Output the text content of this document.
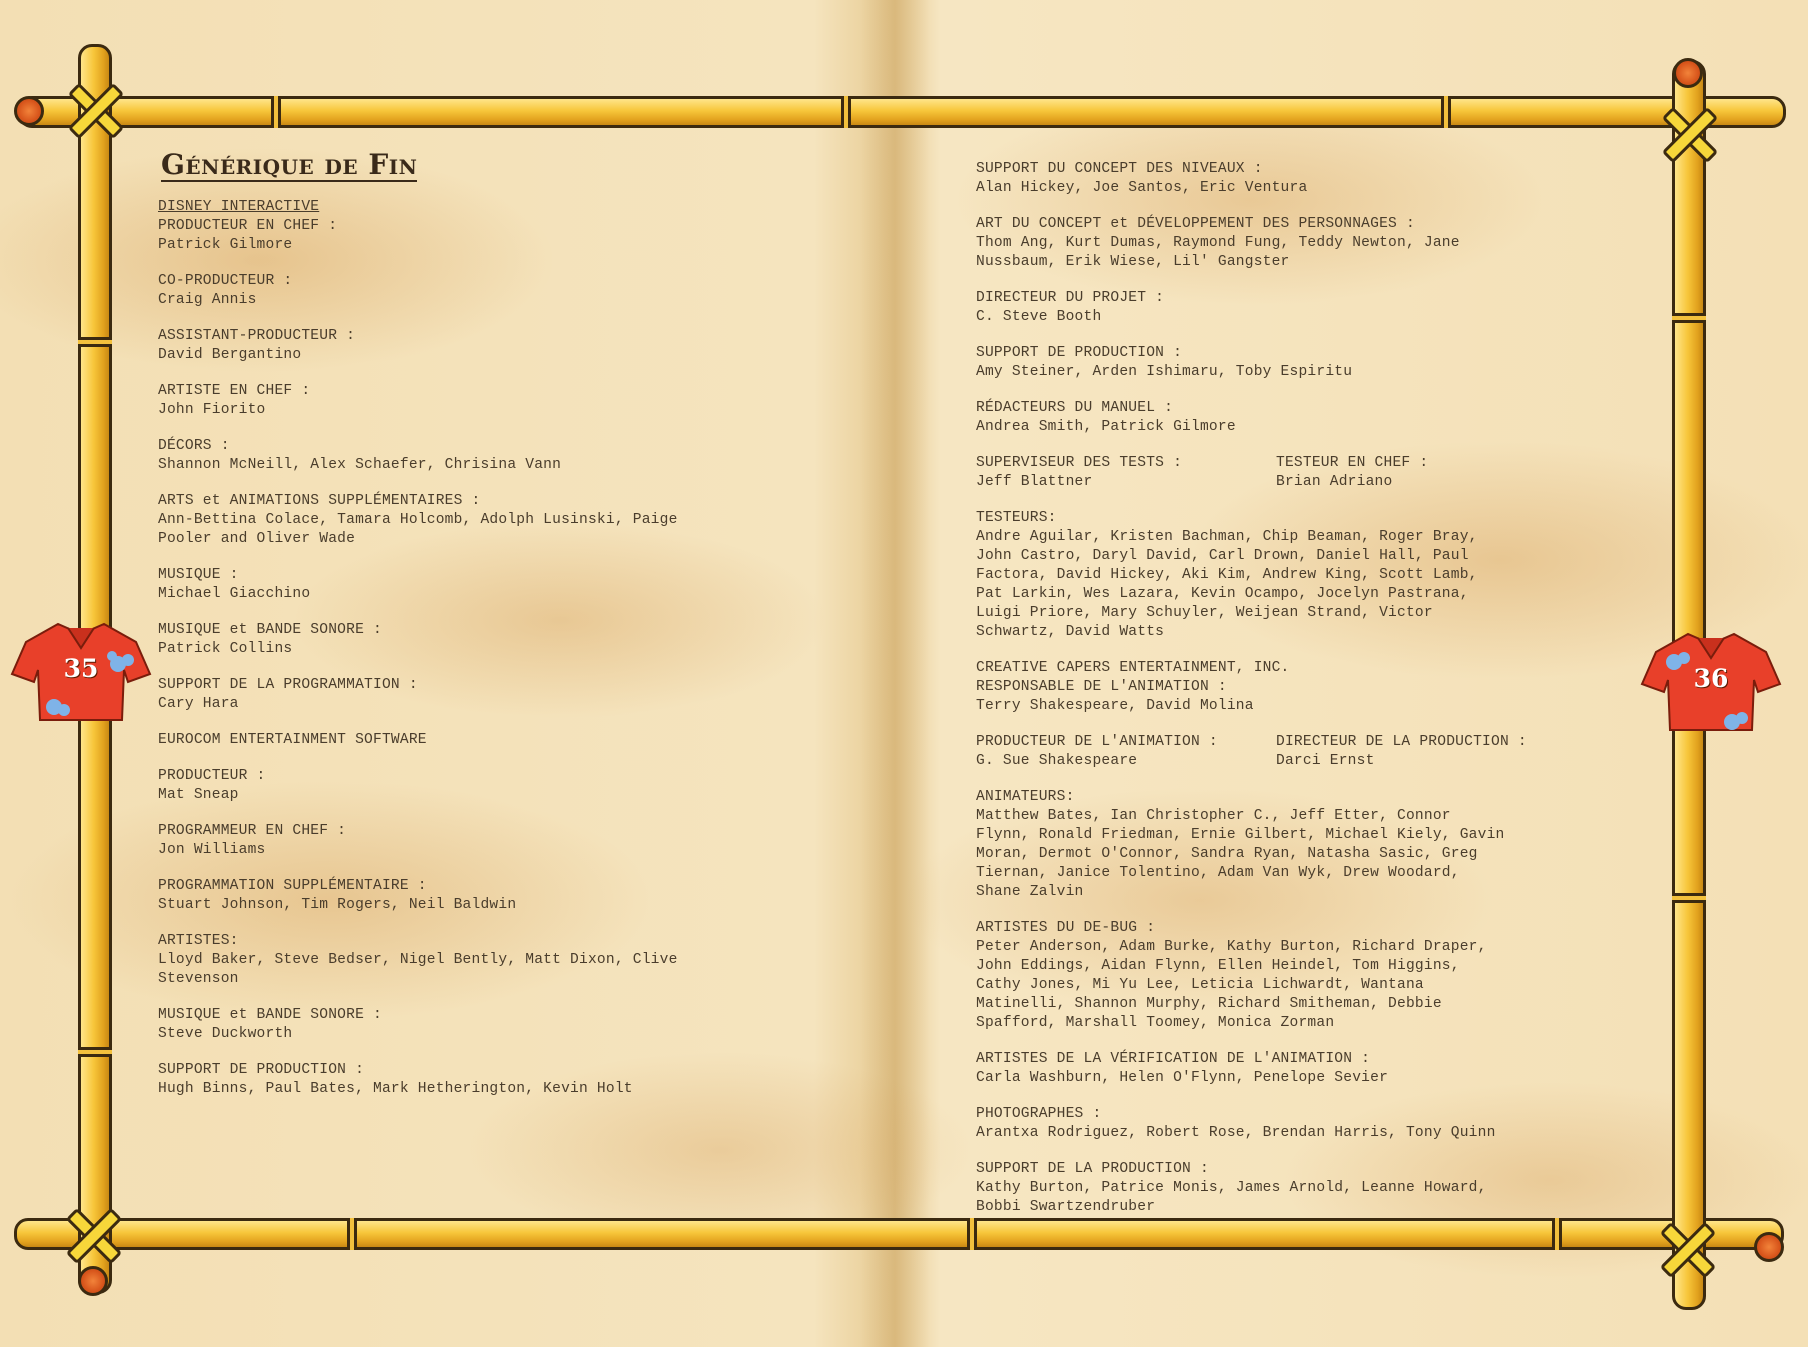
35	36
Générique de Fin
DISNEY INTERACTIVE
PRODUCTEUR EN CHEF :
Patrick Gilmore
CO-PRODUCTEUR :
Craig Annis
ASSISTANT-PRODUCTEUR :
David Bergantino
ARTISTE EN CHEF :
John Fiorito
DÉCORS :
Shannon McNeill, Alex Schaefer, Chrisina Vann
ARTS et ANIMATIONS SUPPLÉMENTAIRES :
Ann-Bettina Colace, Tamara Holcomb, Adolph Lusinski, Paige
Pooler and Oliver Wade
MUSIQUE :
Michael Giacchino
MUSIQUE et BANDE SONORE :
Patrick Collins
SUPPORT DE LA PROGRAMMATION :
Cary Hara
EUROCOM ENTERTAINMENT SOFTWARE
PRODUCTEUR :
Mat Sneap
PROGRAMMEUR EN CHEF :
Jon Williams
PROGRAMMATION SUPPLÉMENTAIRE :
Stuart Johnson, Tim Rogers, Neil Baldwin
ARTISTES:
Lloyd Baker, Steve Bedser, Nigel Bently, Matt Dixon, Clive
Stevenson
MUSIQUE et BANDE SONORE :
Steve Duckworth
SUPPORT DE PRODUCTION :
Hugh Binns, Paul Bates, Mark Hetherington, Kevin Holt
SUPPORT DU CONCEPT DES NIVEAUX :
Alan Hickey, Joe Santos, Eric Ventura
ART DU CONCEPT et DÉVELOPPEMENT DES PERSONNAGES :
Thom Ang, Kurt Dumas, Raymond Fung, Teddy Newton, Jane
Nussbaum, Erik Wiese, Lil' Gangster
DIRECTEUR DU PROJET :
C. Steve Booth
SUPPORT DE PRODUCTION :
Amy Steiner, Arden Ishimaru, Toby Espiritu
RÉDACTEURS DU MANUEL :
Andrea Smith, Patrick Gilmore
SUPERVISEUR DES TESTS :
Jeff Blattner
TESTEUR EN CHEF :
Brian Adriano
TESTEURS:
Andre Aguilar, Kristen Bachman, Chip Beaman, Roger Bray,
John Castro, Daryl David, Carl Drown, Daniel Hall, Paul
Factora, David Hickey, Aki Kim, Andrew King, Scott Lamb,
Pat Larkin, Wes Lazara, Kevin Ocampo, Jocelyn Pastrana,
Luigi Priore, Mary Schuyler, Weijean Strand, Victor
Schwartz, David Watts
CREATIVE CAPERS ENTERTAINMENT, INC.
RESPONSABLE DE L'ANIMATION :
Terry Shakespeare, David Molina
PRODUCTEUR DE L'ANIMATION :
G. Sue Shakespeare
DIRECTEUR DE LA PRODUCTION :
Darci Ernst
ANIMATEURS:
Matthew Bates, Ian Christopher C., Jeff Etter, Connor
Flynn, Ronald Friedman, Ernie Gilbert, Michael Kiely, Gavin
Moran, Dermot O'Connor, Sandra Ryan, Natasha Sasic, Greg
Tiernan, Janice Tolentino, Adam Van Wyk, Drew Woodard,
Shane Zalvin
ARTISTES DU DE-BUG :
Peter Anderson, Adam Burke, Kathy Burton, Richard Draper,
John Eddings, Aidan Flynn, Ellen Heindel, Tom Higgins,
Cathy Jones, Mi Yu Lee, Leticia Lichwardt, Wantana
Matinelli, Shannon Murphy, Richard Smitheman, Debbie
Spafford, Marshall Toomey, Monica Zorman
ARTISTES DE LA VÉRIFICATION DE L'ANIMATION :
Carla Washburn, Helen O'Flynn, Penelope Sevier
PHOTOGRAPHES :
Arantxa Rodriguez, Robert Rose, Brendan Harris, Tony Quinn
SUPPORT DE LA PRODUCTION :
Kathy Burton, Patrice Monis, James Arnold, Leanne Howard,
Bobbi Swartzendruber
